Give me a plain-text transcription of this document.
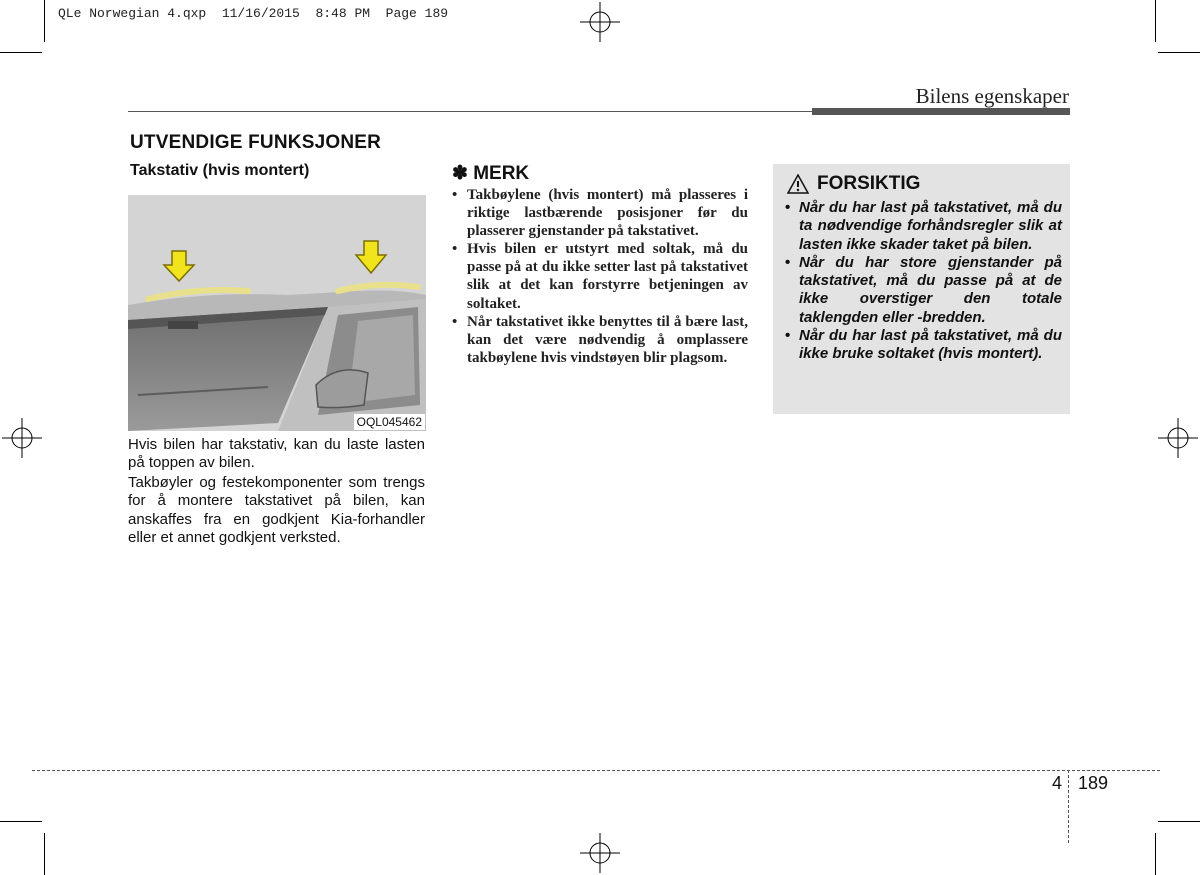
QLe Norwegian 4.qxp  11/16/2015  8:48 PM  Page 189
Bilens egenskaper
UTVENDIGE FUNKSJONER
Takstativ (hvis montert)
OQL045462

Hvis bilen har takstativ, kan du laste lasten på toppen av bilen.

Takbøyler og festekomponenter som trengs for å montere takstativet på bilen, kan anskaffes fra en godkjent Kia-forhandler eller et annet godkjent verksted.

✽ MERK
• Takbøylene (hvis montert) må plasseres i riktige lastbærende posisjoner før du plasserer gjenstander på takstativet.
• Hvis bilen er utstyrt med soltak, må du passe på at du ikke setter last på takstativet slik at det kan forstyrre betjeningen av soltaket.
• Når takstativet ikke benyttes til å bære last, kan det være nødvendig å omplassere takbøylene hvis vindstøyen blir plagsom.
FORSIKTIG
• Når du har last på takstativet, må du ta nødvendige forhåndsregler slik at lasten ikke skader taket på bilen.
• Når du har store gjenstander på takstativet, må du passe på at de ikke overstiger den totale taklengden eller -bredden.
• Når du har last på takstativet, må du ikke bruke soltaket (hvis montert).
4 189
